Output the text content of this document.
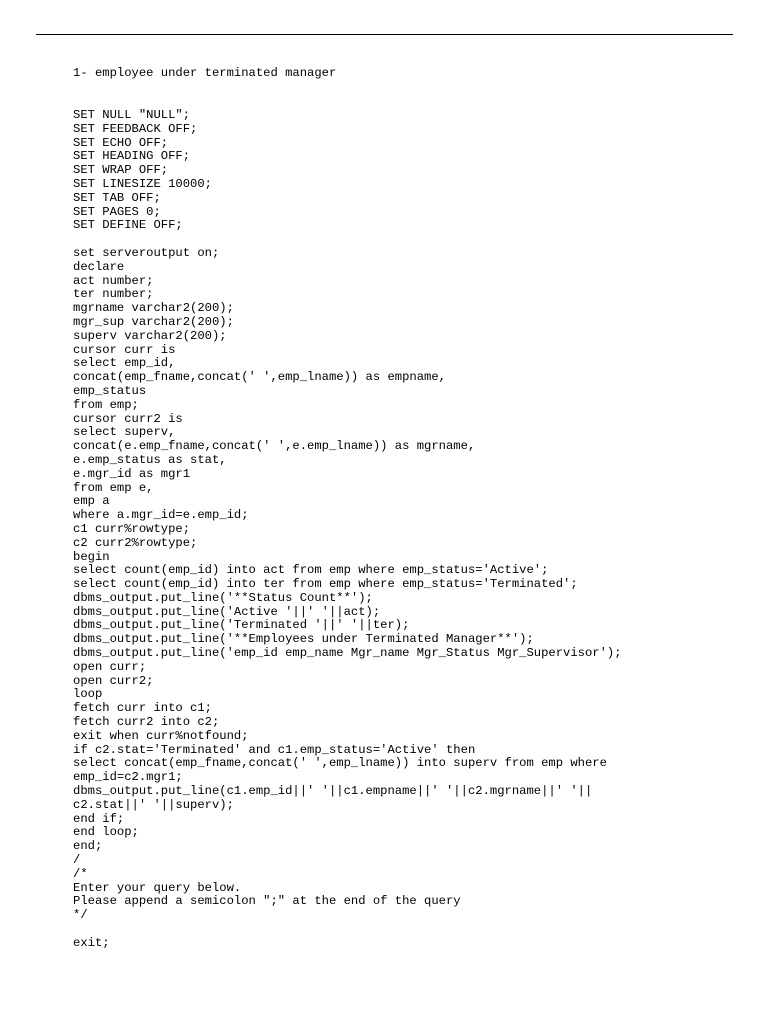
1- employee under terminated manager

SET NULL "NULL";
SET FEEDBACK OFF;
SET ECHO OFF;
SET HEADING OFF;
SET WRAP OFF;
SET LINESIZE 10000;
SET TAB OFF;
SET PAGES 0;
SET DEFINE OFF;
set serveroutput on;
declare
act number;
ter number;
mgrname varchar2(200);
mgr_sup varchar2(200);
superv varchar2(200);
cursor curr is
select emp_id,
concat(emp_fname,concat(' ',emp_lname)) as empname,
emp_status
from emp;
cursor curr2 is
select superv,
concat(e.emp_fname,concat(' ',e.emp_lname)) as mgrname,
e.emp_status as stat,
e.mgr_id as mgr1
from emp e,
emp a
where a.mgr_id=e.emp_id;
c1 curr%rowtype;
c2 curr2%rowtype;
begin
select count(emp_id) into act from emp where emp_status='Active';
select count(emp_id) into ter from emp where emp_status='Terminated';
dbms_output.put_line('**Status Count**');
dbms_output.put_line('Active '||' '||act);
dbms_output.put_line('Terminated '||' '||ter);
dbms_output.put_line('**Employees under Terminated Manager**');
dbms_output.put_line('emp_id emp_name Mgr_name Mgr_Status Mgr_Supervisor');
open curr;
open curr2;
loop
fetch curr into c1;
fetch curr2 into c2;
exit when curr%notfound;
if c2.stat='Terminated' and c1.emp_status='Active' then
select concat(emp_fname,concat(' ',emp_lname)) into superv from emp where
emp_id=c2.mgr1;
dbms_output.put_line(c1.emp_id||' '||c1.empname||' '||c2.mgrname||' '||
c2.stat||' '||superv);
end if;
end loop;
end;
/
/*
Enter your query below.
Please append a semicolon ";" at the end of the query
*/
exit;
